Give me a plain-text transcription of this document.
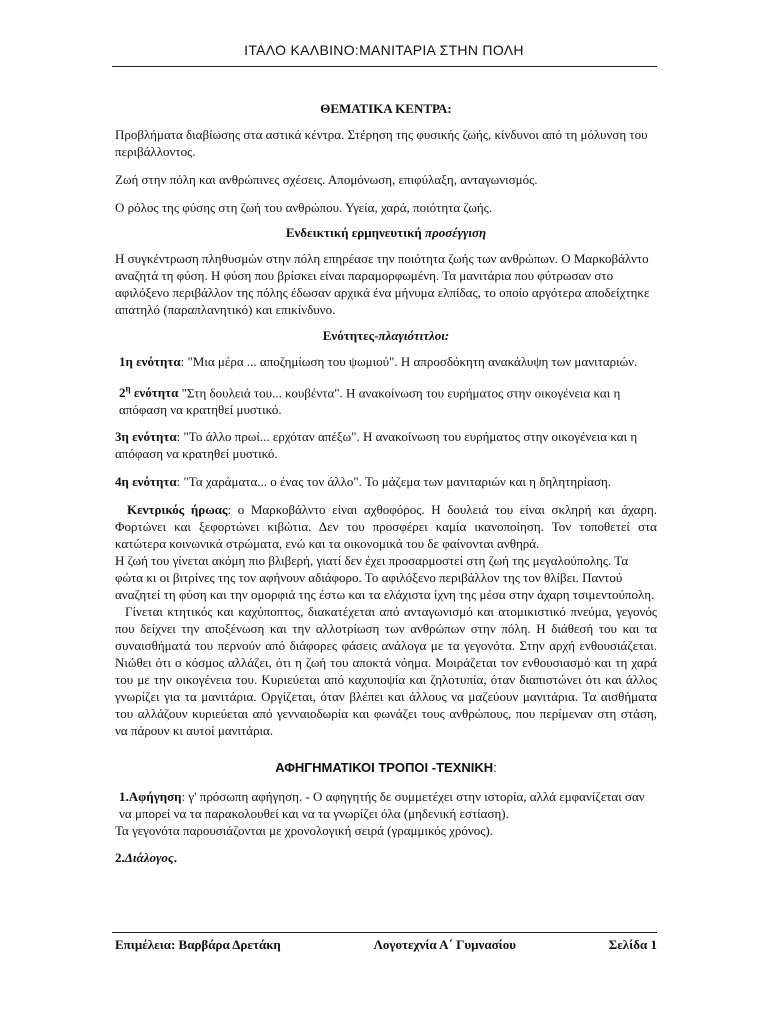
ΙΤΑΛΟ ΚΑΛΒΙΝΟ:ΜΑΝΙΤΑΡΙΑ ΣΤΗΝ ΠΟΛΗ

ΘΕΜΑΤΙΚΑ ΚΕΝΤΡΑ:

Προβλήματα διαβίωσης στα αστικά κέντρα. Στέρηση της φυσικής ζωής, κίνδυνοι από τη μόλυνση του περιβάλλοντος.

Ζωή στην πόλη και ανθρώπινες σχέσεις. Απομόνωση, επιφύλαξη, ανταγωνισμός.

Ο ρόλος της φύσης στη ζωή του ανθρώπου. Υγεία, χαρά, ποιότητα ζωής.

Ενδεικτική ερμηνευτική προσέγγιση

Η συγκέντρωση πληθυσμών στην πόλη επηρέασε την ποιότητα ζωής των ανθρώπων. Ο Μαρκοβάλντο αναζητά τη φύση. Η φύση που βρίσκει είναι παραμορφωμένη. Τα μανιτάρια που φύτρωσαν στο αφιλόξενο περιβάλλον της πόλης έδωσαν αρχικά ένα μήνυμα ελπίδας, το οποίο αργότερα αποδείχτηκε απατηλό (παραπλανητικό) και επικίνδυνο.

Ενότητες-πλαγιότιτλοι:

1η ενότητα: "Μια μέρα ... αποζημίωση του ψωμιού". Η απροσδόκητη ανακάλυψη των μανιταριών.

$2^\eta$ ενότητα "Στη δουλειά του... κουβέντα". Η ανακοίνωση του ευρήματος στην οικογένεια και η απόφαση να κρατηθεί μυστικό.

3η ενότητα: "Το άλλο πρωί... ερχόταν απέξω". Η ανακοίνωση του ευρήματος στην οικογένεια και η απόφαση να κρατηθεί μυστικό.

4η ενότητα: "Τα χαράματα... ο ένας τον άλλο". Το μάζεμα των μανιταριών και η δηλητηρίαση.

Κεντρικός ήρωας: ο Μαρκοβάλντο είναι αχθοφόρος. Η δουλειά του είναι σκληρή και άχαρη. Φορτώνει και ξεφορτώνει κιβώτια. Δεν του προσφέρει καμία ικανοποίηση. Τον τοποθετεί στα κατώτερα κοινωνικά στρώματα, ενώ και τα οικονομικά του δε φαίνονται ανθηρά.

Η ζωή του γίνεται ακόμη πιο βλιβερή, γιατί δεν έχει προσαρμοστεί στη ζωή της μεγαλούπολης. Τα φώτα κι οι βιτρίνες της τον αφήνουν αδιάφορο. Το αφιλόξενο περιβάλλον της τον θλίβει. Παντού αναζητεί τη φύση και την ομορφιά της έστω και τα ελάχιστα ίχνη της μέσα στην άχαρη τσιμεντούπολη.

Γίνεται κτητικός και καχύποπτος, διακατέχεται από ανταγωνισμό και ατομικιστικό πνεύμα, γεγονός που δείχνει την αποξένωση και την αλλοτρίωση των ανθρώπων στην πόλη. Η διάθεσή του και τα συναισθήματά του περνούν από διάφορες φάσεις ανάλογα με τα γεγονότα. Στην αρχή ενθουσιάζεται. Νιώθει ότι ο κόσμος αλλάζει, ότι η ζωή του αποκτά νόημα. Μοιράζεται τον ενθουσιασμό και τη χαρά του με την οικογένεια του. Κυριεύεται από καχυποψία και ζηλοτυπία, όταν διαπιστώνει ότι και άλλος γνωρίζει για τα μανιτάρια. Οργίζεται, όταν βλέπει και άλλους να μαζεύουν μανιτάρια. Τα αισθήματα του αλλάζουν κυριεύεται από γενναιοδωρία και φωνάζει τους ανθρώπους, που περίμεναν στη στάση, να πάρουν κι αυτοί μανιτάρια.

ΑΦΗΓΗΜΑΤΙΚΟΙ ΤΡΟΠΟΙ -ΤΕΧΝΙΚΗ:

1.Αφήγηση: γ' πρόσωπη αφήγηση. - Ο αφηγητής δε συμμετέχει στην ιστορία, αλλά εμφανίζεται σαν να μπορεί να τα παρακολουθεί και να τα γνωρίζει όλα (μηδενική εστίαση).

Τα γεγονότα παρουσιάζονται με χρονολογική σειρά (γραμμικός χρόνος).

2.Διάλογος.

Επιμέλεια: Βαρβάρα Δρετάκη	Λογοτεχνία Α΄ Γυμνασίου	Σελίδα 1
